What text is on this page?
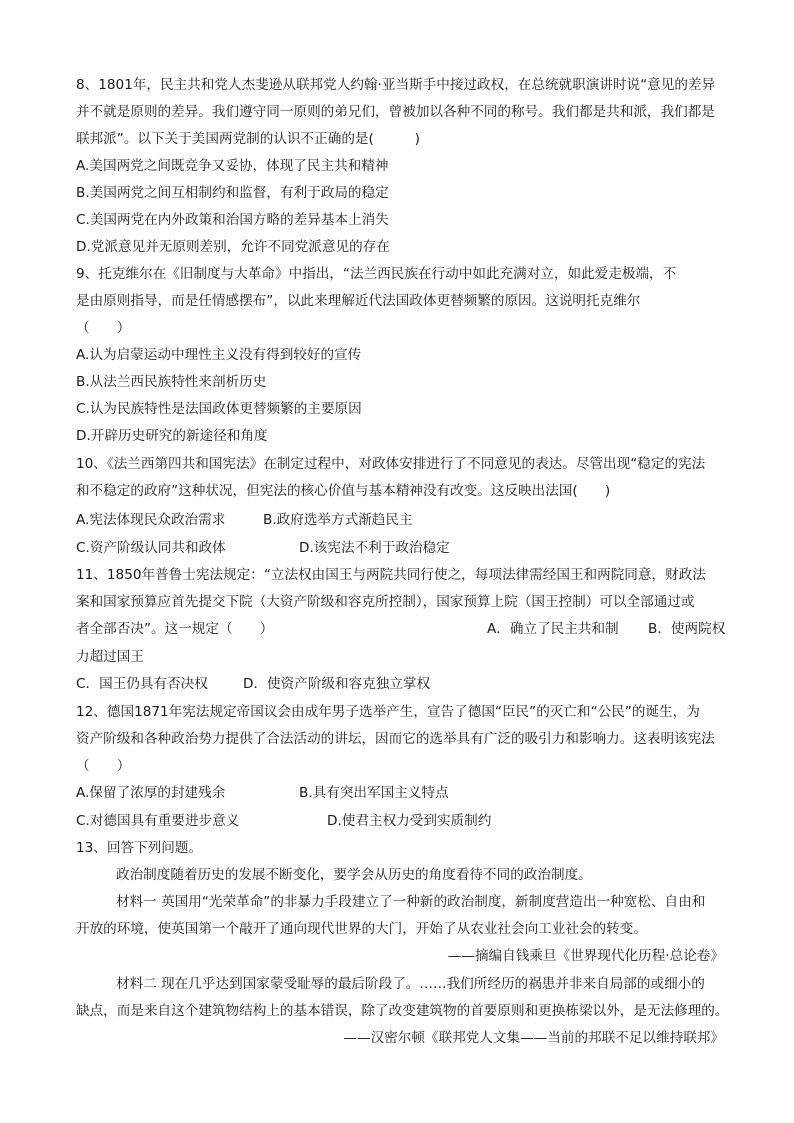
8、1801年，民主共和党人杰斐逊从联邦党人约翰·亚当斯手中接过政权，在总统就职演讲时说“意见的差异
并不就是原则的差异。我们遵守同一原则的弟兄们，曾被加以各种不同的称号。我们都是共和派，我们都是
联邦派”。以下关于美国两党制的认识不正确的是(　　　)
A.美国两党之间既竞争又妥协，体现了民主共和精神
B.美国两党之间互相制约和监督，有利于政局的稳定
C.美国两党在内外政策和治国方略的差异基本上消失
D.党派意见并无原则差别，允许不同党派意见的存在
9、托克维尔在《旧制度与大革命》中指出，“法兰西民族在行动中如此充满对立，如此爱走极端，不
是由原则指导，而是任情感摆布”，以此来理解近代法国政体更替频繁的原因。这说明托克维尔
（　　）
A.认为启蒙运动中理性主义没有得到较好的宣传
B.从法兰西民族特性来剖析历史
C.认为民族特性是法国政体更替频繁的主要原因
D.开辟历史研究的新途径和角度
10、《法兰西第四共和国宪法》在制定过程中，对政体安排进行了不同意见的表达。尽管出现“稳定的宪法
和不稳定的政府”这种状况，但宪法的核心价值与基本精神没有改变。这反映出法国(　　)
A.宪法体现民众政治需求	B.政府选举方式渐趋民主
C.资产阶级认同共和政体	D.该宪法不利于政治稳定
11、1850年普鲁士宪法规定：“立法权由国王与两院共同行使之，每项法律需经国王和两院同意，财政法
案和国家预算应首先提交下院（大资产阶级和容克所控制），国家预算上院（国王控制）可以全部通过或
者全部否决”。这一规定（　　）	A．确立了民主共和制 B．使两院权
力超过国王
C．国王仍具有否决权	D．使资产阶级和容克独立掌权
12、德国1871年宪法规定帝国议会由成年男子选举产生，宣告了德国“臣民”的灭亡和“公民”的诞生，为
资产阶级和各种政治势力提供了合法活动的讲坛，因而它的选举具有广泛的吸引力和影响力。这表明该宪法
（　　）
A.保留了浓厚的封建残余	B.具有突出军国主义特点
C.对德国具有重要进步意义	D.使君主权力受到实质制约
13、回答下列问题。
政治制度随着历史的发展不断变化，要学会从历史的角度看待不同的政治制度。
材料一 英国用“光荣革命”的非暴力手段建立了一种新的政治制度，新制度营造出一种宽松、自由和
开放的环境，使英国第一个敲开了通向现代世界的大门，开始了从农业社会向工业社会的转变。
——摘编自钱乘旦《世界现代化历程·总论卷》
材料二 现在几乎达到国家蒙受耻辱的最后阶段了。……我们所经历的祸患并非来自局部的或细小的
缺点，而是来自这个建筑物结构上的基本错误，除了改变建筑物的首要原则和更换栋梁以外，是无法修理的。
——汉密尔顿《联邦党人文集——当前的邦联不足以维持联邦》
